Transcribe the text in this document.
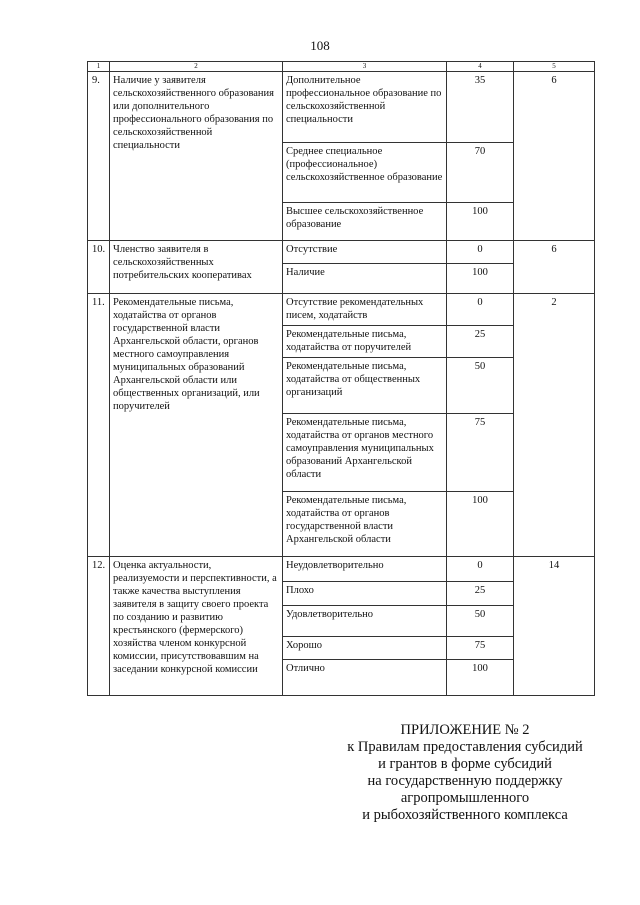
108
1	2	3	4	5
9.	Наличие у заявителя сельскохозяйственного образования или дополнительного профессионального образования по сельскохозяйственной специальности	Дополнительное профессиональное образование по сельскохозяйственной специальности	35	6
		Среднее специальное (профессиональное) сельскохозяйственное образование	70	
		Высшее сельскохозяйственное образование	100	
10.	Членство заявителя в сельскохозяйственных потребительских кооперативах	Отсутствие	0	6
		Наличие	100	
11.	Рекомендательные письма, ходатайства от органов государственной власти Архангельской области, органов местного самоуправления муниципальных образований Архангельской области или общественных организаций, или поручителей	Отсутствие рекомендательных писем, ходатайств	0	2
		Рекомендательные письма, ходатайства от поручителей	25	
		Рекомендательные письма, ходатайства от общественных организаций	50	
		Рекомендательные письма, ходатайства от органов местного самоуправления муниципальных образований Архангельской области	75	
		Рекомендательные письма, ходатайства от органов государственной власти Архангельской области	100	
12.	Оценка актуальности, реализуемости и перспективности, а также качества выступления заявителя в защиту своего проекта по созданию и развитию крестьянского (фермерского) хозяйства членом конкурсной комиссии, присутствовавшим на заседании конкурсной комиссии	Неудовлетворительно	0	14
		Плохо	25	
		Удовлетворительно	50	
		Хорошо	75	
		Отлично	100	
ПРИЛОЖЕНИЕ № 2
к Правилам предоставления субсидий
и грантов в форме субсидий
на государственную поддержку
агропромышленного
и рыбохозяйственного комплекса
